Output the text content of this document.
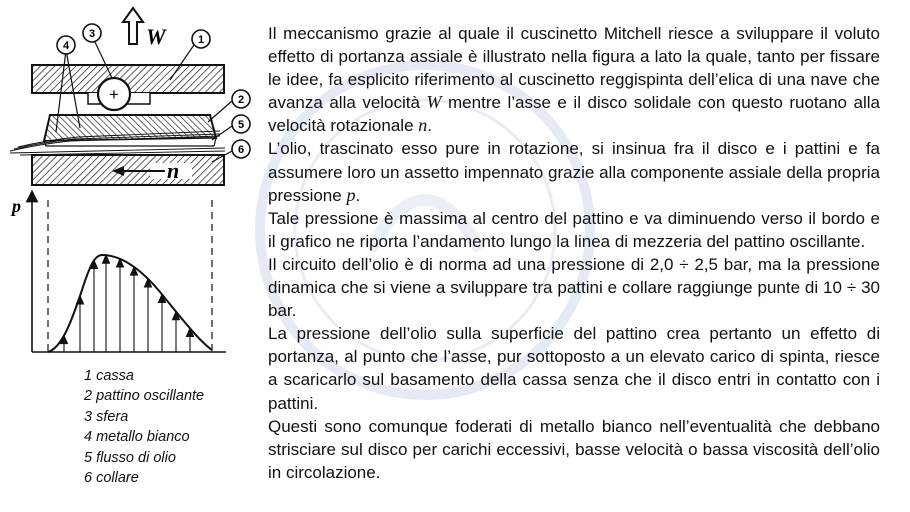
+
W
n
3
4	1
2
5
6
p
1 cassa
2 pattino oscillante
3 sfera
4 metallo bianco
5 flusso di olio
6 collare

Il meccanismo grazie al quale il cuscinetto Mitchell riesce a sviluppare il voluto effetto di portanza assiale è illustrato nella figura a lato la quale, tanto per fissare le idee, fa esplicito riferimento al cuscinetto reggispinta dell’elica di una nave che avanza alla velocità W mentre l’asse e il disco solidale con questo ruotano alla velocità rotazionale n.

L’olio, trascinato esso pure in rotazione, si insinua fra il disco e i pattini e fa assumere loro un assetto impennato grazie alla componente assiale della propria pressione p.

Tale pressione è massima al centro del pattino e va diminuendo verso il bordo e il grafico ne riporta l’andamento lungo la linea di mezzeria del pattino oscillante.

Il circuito dell’olio è di norma ad una pressione di 2,0 ÷ 2,5 bar, ma la pressione dinamica che si viene a sviluppare tra pattini e collare raggiunge punte di 10 ÷ 30 bar.

La pressione dell’olio sulla superficie del pattino crea pertanto un effetto di portanza, al punto che l’asse, pur sottoposto a un elevato carico di spinta, riesce a scaricarlo sul basamento della cassa senza che il disco entri in contatto con i pattini.

Questi sono comunque foderati di metallo bianco nell’eventualità che debbano strisciare sul disco per carichi eccessivi, basse velocità o bassa viscosità dell’olio in circolazione.
